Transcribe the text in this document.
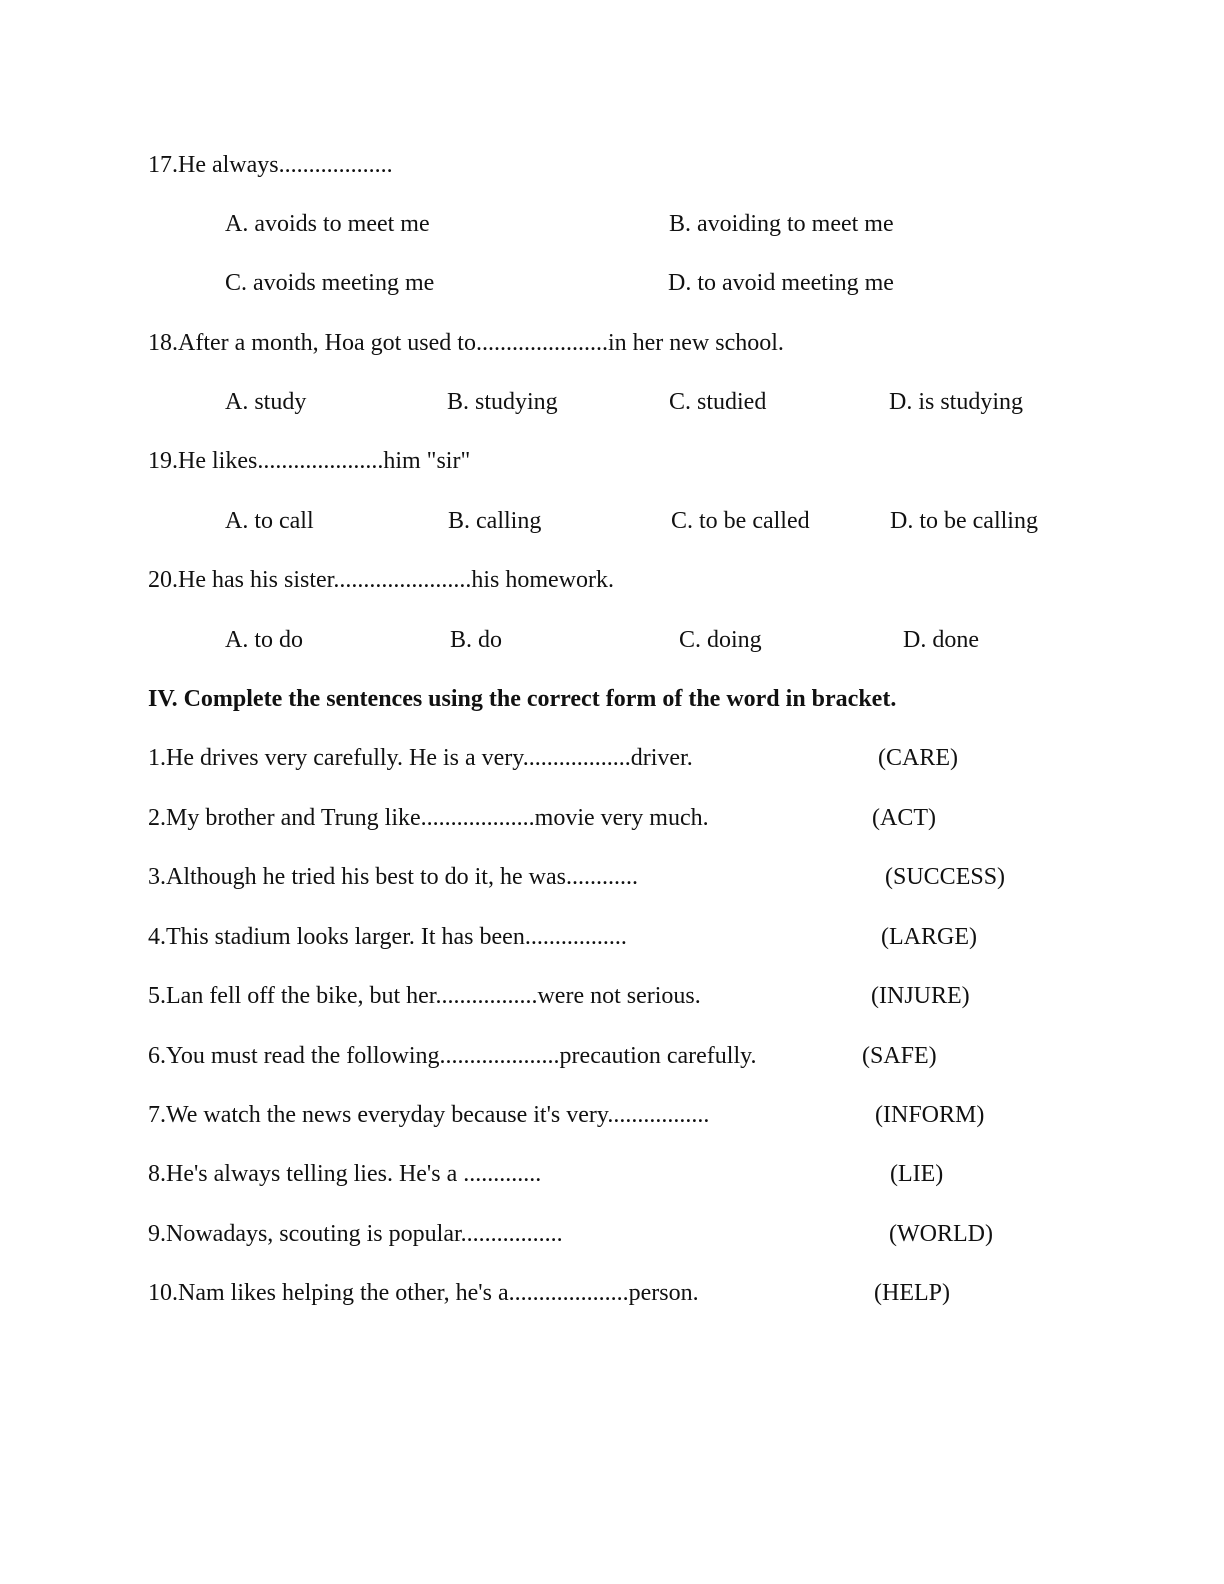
17.He always...................
A. avoids to meet me	B. avoiding to meet me
C. avoids meeting me	D. to avoid meeting me
18.After a month, Hoa got used to......................in her new school.
A. study	B. studying	C. studied	D. is studying
19.He likes.....................him "sir"
A. to call	B. calling	C. to be called	D. to be calling
20.He has his sister.......................his homework.
A. to do	B. do	C. doing	D. done
IV. Complete the sentences using the correct form of the word in bracket.
1.He drives very carefully. He is a very..................driver.	(CARE)
2.My brother and Trung like...................movie very much.	(ACT)
3.Although he tried his best to do it, he was............	(SUCCESS)
4.This stadium looks larger. It has been.................	(LARGE)
5.Lan fell off the bike, but her.................were not serious.	(INJURE)
6.You must read the following....................precaution carefully.	(SAFE)
7.We watch the news everyday because it's very.................	(INFORM)
8.He's always telling lies. He's a .............	(LIE)
9.Nowadays, scouting is popular.................	(WORLD)
10.Nam likes helping the other, he's a....................person.	(HELP)
